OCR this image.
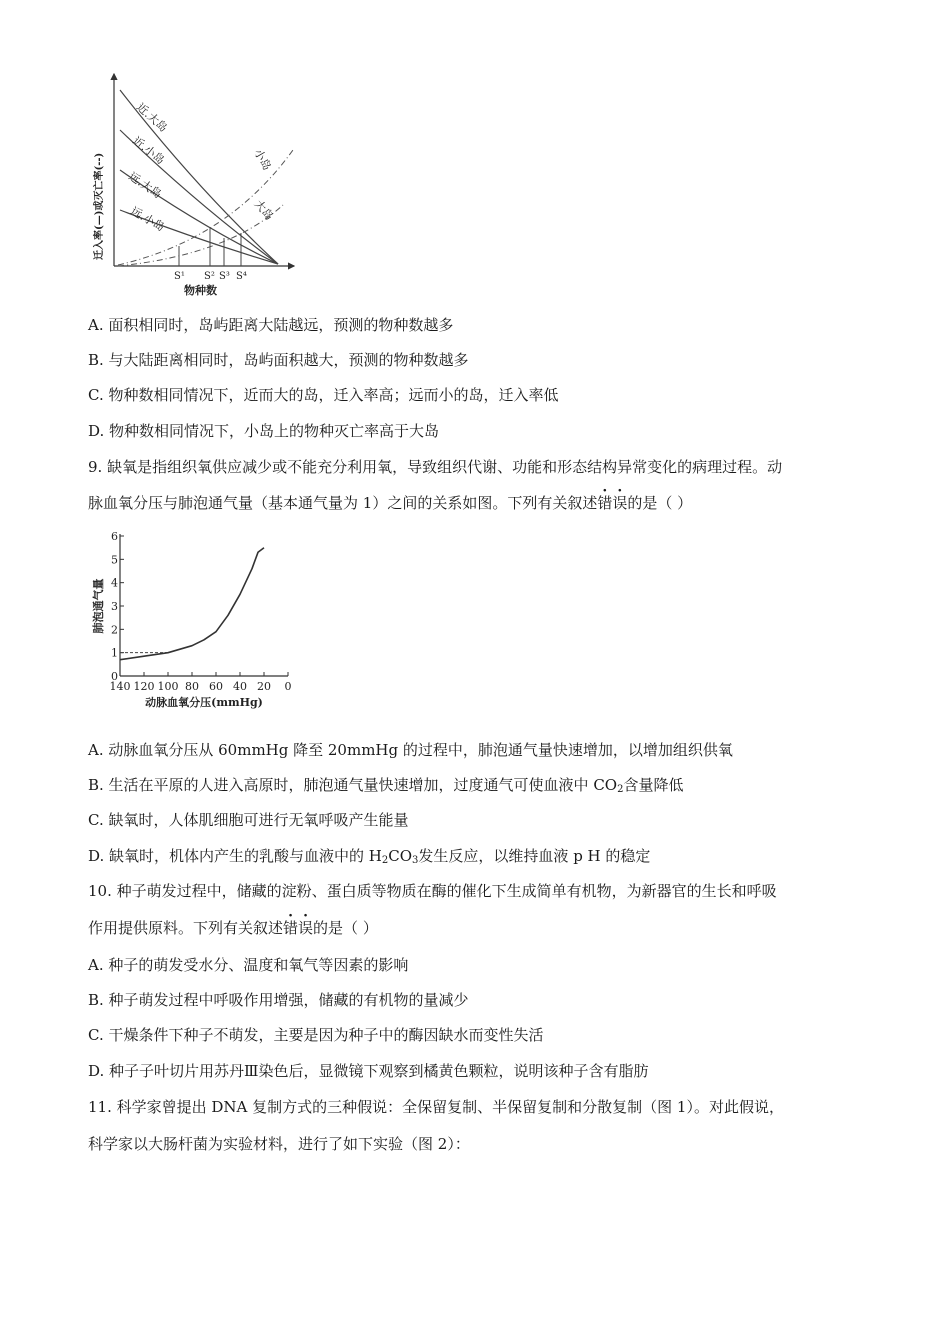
近.大岛
近.小岛
远.大岛
远.小岛
小岛
大岛
S¹ S² S³ S⁴
物种数
迁入率(—)或灭亡率(--)
A. 面积相同时，岛屿距离大陆越远，预测的物种数越多
B. 与大陆距离相同时，岛屿面积越大，预测的物种数越多
C. 物种数相同情况下，近而大的岛，迁入率高；远而小的岛，迁入率低
D. 物种数相同情况下，小岛上的物种灭亡率高于大岛
9. 缺氧是指组织氧供应减少或不能充分利用氧，导致组织代谢、功能和形态结构异常变化的病理过程。动
脉血氧分压与肺泡通气量（基本通气量为 1）之间的关系如图。下列有关叙述错误的是（ ）
0
1
2
3
4
5
6
140 120 100 80 60 40 20 0
动脉血氧分压(mmHg)
肺泡通气量
A. 动脉血氧分压从 60mmHg 降至 20mmHg 的过程中，肺泡通气量快速增加，以增加组织供氧
B. 生活在平原的人进入高原时，肺泡通气量快速增加，过度通气可使血液中 $CO_2$含量降低
C. 缺氧时，人体肌细胞可进行无氧呼吸产生能量
D. 缺氧时，机体内产生的乳酸与血液中的 $H_2CO_3$发生反应，以维持血液 p H 的稳定
10. 种子萌发过程中，储藏的淀粉、蛋白质等物质在酶的催化下生成简单有机物，为新器官的生长和呼吸
作用提供原料。下列有关叙述错误的是（ ）
A. 种子的萌发受水分、温度和氧气等因素的影响
B. 种子萌发过程中呼吸作用增强，储藏的有机物的量减少
C. 干燥条件下种子不萌发，主要是因为种子中的酶因缺水而变性失活
D. 种子子叶切片用苏丹Ⅲ染色后，显微镜下观察到橘黄色颗粒，说明该种子含有脂肪
11. 科学家曾提出 DNA 复制方式的三种假说：全保留复制、半保留复制和分散复制（图 1）。对此假说，
科学家以大肠杆菌为实验材料，进行了如下实验（图 2）：
